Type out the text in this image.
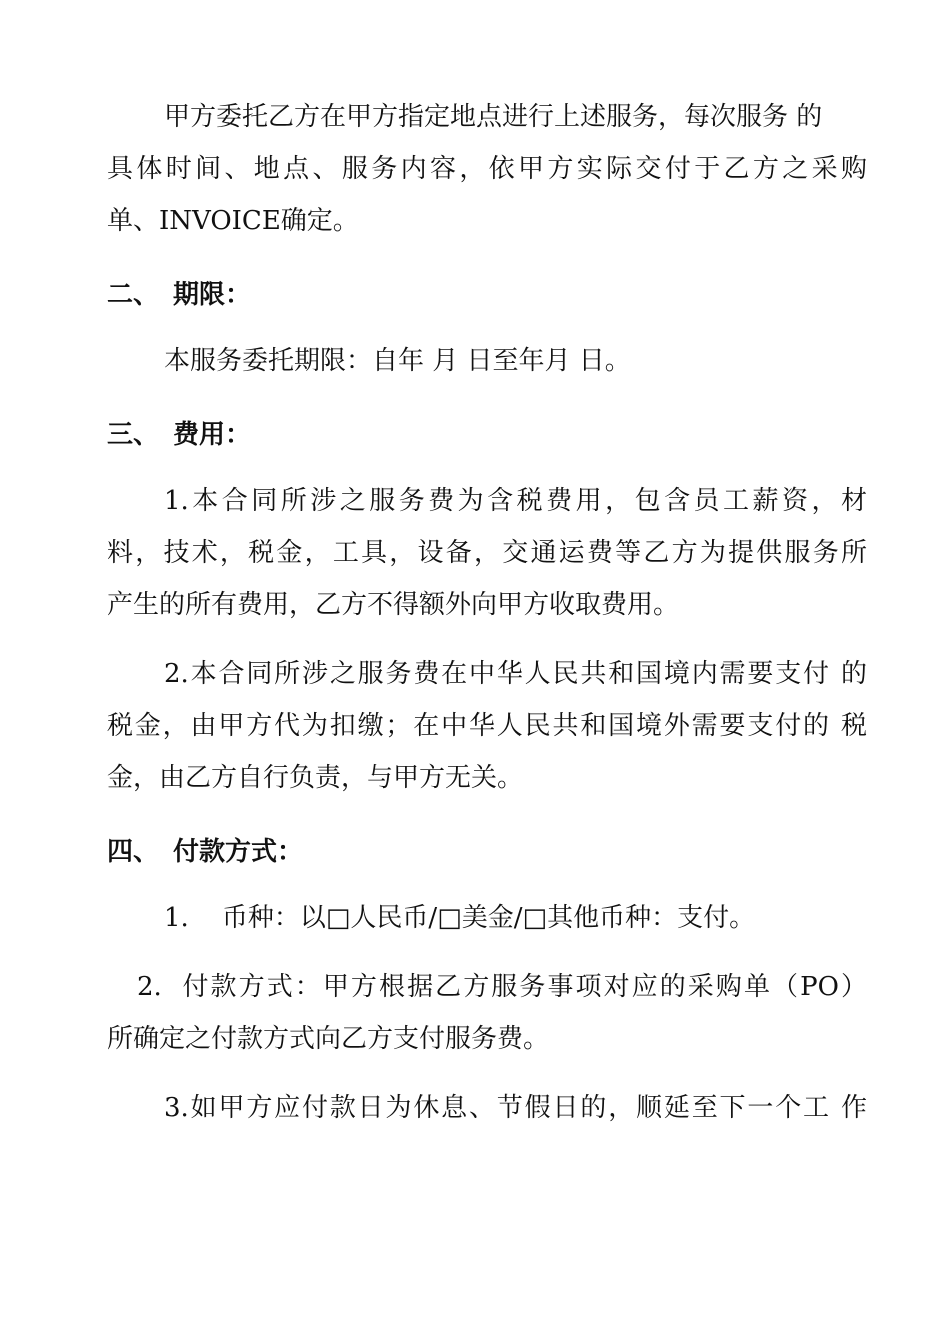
甲方委托乙方在甲方指定地点进行上述服务，每次服务 的
具体时间、地点、服务内容，依甲方实际交付于乙方之采购
单、INVOICE确定。
二、 期限：
本服务委托期限：自年 月 日至年月 日。
三、 费用：
1.本合同所涉之服务费为含税费用，包含员工薪资，材
料，技术，税金，工具，设备，交通运费等乙方为提供服务所
产生的所有费用，乙方不得额外向甲方收取费用。
2.本合同所涉之服务费在中华人民共和国境内需要支付 的
税金，由甲方代为扣缴；在中华人民共和国境外需要支付的 税
金，由乙方自行负责，与甲方无关。
四、 付款方式：
1.    币种：以□人民币/□美金/□其他币种：支付。
2.  付款方式：甲方根据乙方服务事项对应的采购单（PO）
所确定之付款方式向乙方支付服务费。
3.如甲方应付款日为休息、节假日的，顺延至下一个工 作
